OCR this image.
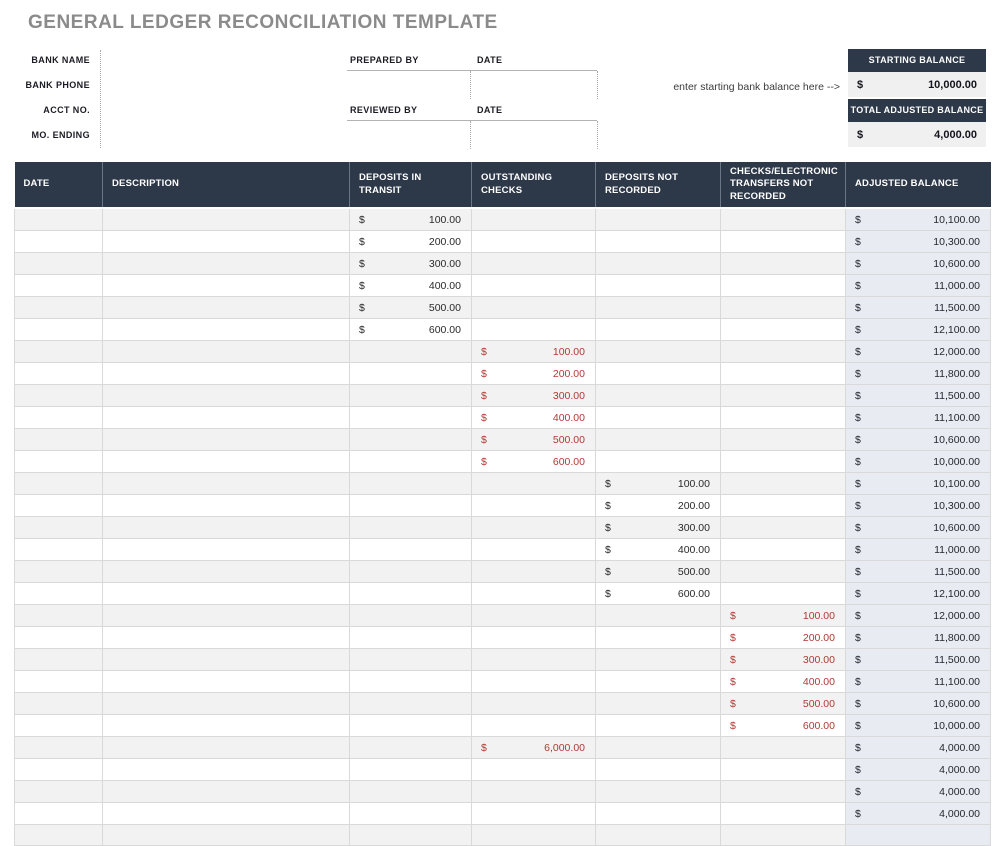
GENERAL LEDGER RECONCILIATION TEMPLATE
BANK NAME
BANK PHONE
ACCT NO.
MO. ENDING
PREPARED BY	DATE
REVIEWED BY	DATE
enter starting bank balance here -->
STARTING BALANCE
$	10,000.00
TOTAL ADJUSTED BALANCE
$	4,000.00
DATE	DESCRIPTION	DEPOSITS IN TRANSIT	OUTSTANDING CHECKS	DEPOSITS NOT RECORDED	CHECKS/ELECTRONIC TRANSFERS NOT RECORDED	ADJUSTED BALANCE

		$ 100.00				$ 10,100.00

		$ 200.00				$ 10,300.00

		$ 300.00				$ 10,600.00

		$ 400.00				$ 11,000.00

		$ 500.00				$ 11,500.00

		$ 600.00				$ 12,100.00

			$ 100.00			$ 12,000.00

			$ 200.00			$ 11,800.00

			$ 300.00			$ 11,500.00

			$ 400.00			$ 11,100.00

			$ 500.00			$ 10,600.00

			$ 600.00			$ 10,000.00

				$ 100.00		$ 10,100.00

				$ 200.00		$ 10,300.00

				$ 300.00		$ 10,600.00

				$ 400.00		$ 11,000.00

				$ 500.00		$ 11,500.00

				$ 600.00		$ 12,100.00

					$ 100.00	$ 12,000.00

					$ 200.00	$ 11,800.00

					$ 300.00	$ 11,500.00

					$ 400.00	$ 11,100.00

					$ 500.00	$ 10,600.00

					$ 600.00	$ 10,000.00

			$ 6,000.00			$ 4,000.00

						$ 4,000.00

						$ 4,000.00

						$ 4,000.00
